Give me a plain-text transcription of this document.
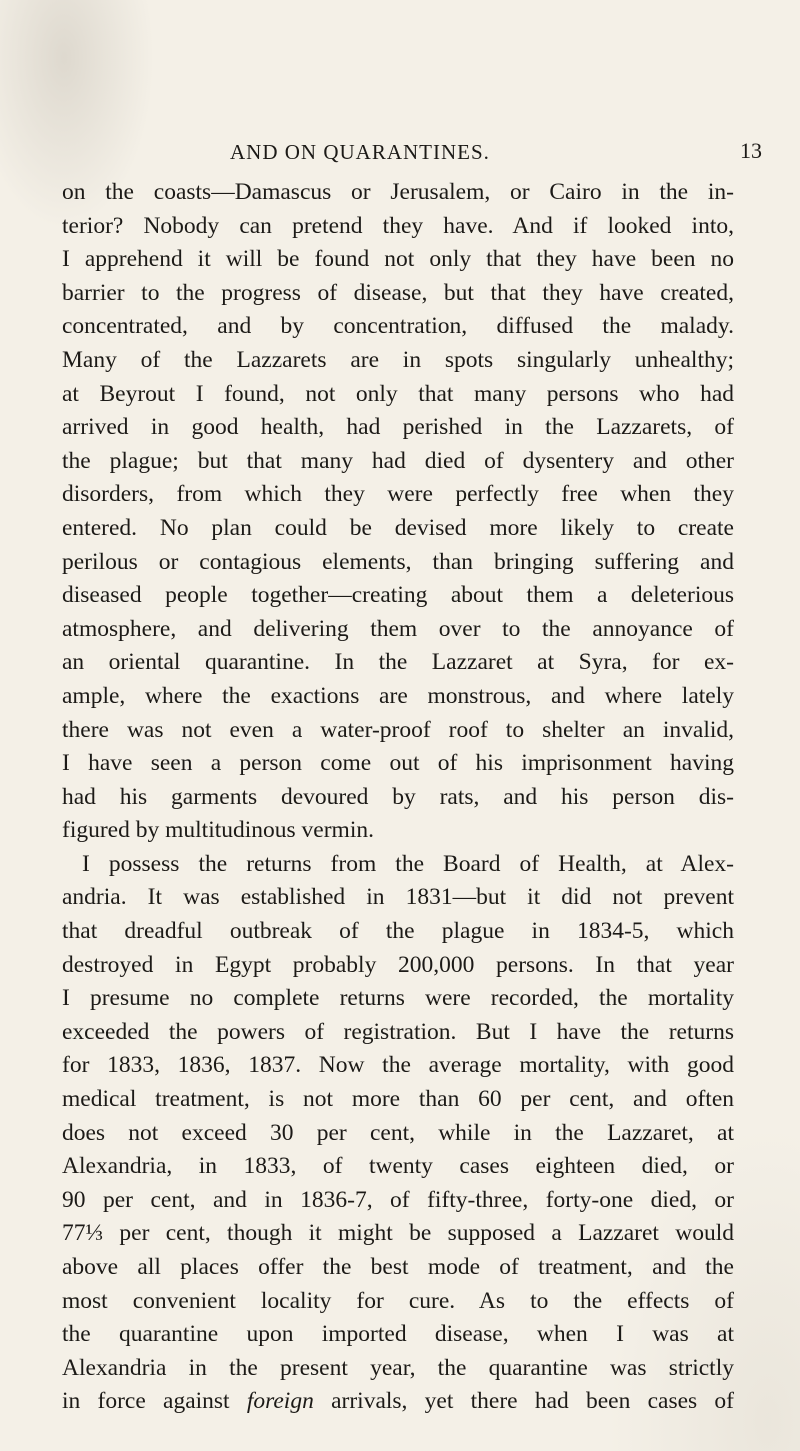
AND ON QUARANTINES.	13
on the coasts—Damascus or Jerusalem, or Cairo in the in-
terior? Nobody can pretend they have. And if looked into,
I apprehend it will be found not only that they have been no
barrier to the progress of disease, but that they have created,
concentrated, and by concentration, diffused the malady.
Many of the Lazzarets are in spots singularly unhealthy;
at Beyrout I found, not only that many persons who had
arrived in good health, had perished in the Lazzarets, of
the plague; but that many had died of dysentery and other
disorders, from which they were perfectly free when they
entered. No plan could be devised more likely to create
perilous or contagious elements, than bringing suffering and
diseased people together—creating about them a deleterious
atmosphere, and delivering them over to the annoyance of
an oriental quarantine. In the Lazzaret at Syra, for ex-
ample, where the exactions are monstrous, and where lately
there was not even a water-proof roof to shelter an invalid,
I have seen a person come out of his imprisonment having
had his garments devoured by rats, and his person dis-
figured by multitudinous vermin.
I possess the returns from the Board of Health, at Alex-
andria. It was established in 1831—but it did not prevent
that dreadful outbreak of the plague in 1834-5, which
destroyed in Egypt probably 200,000 persons. In that year
I presume no complete returns were recorded, the mortality
exceeded the powers of registration. But I have the returns
for 1833, 1836, 1837. Now the average mortality, with good
medical treatment, is not more than 60 per cent, and often
does not exceed 30 per cent, while in the Lazzaret, at
Alexandria, in 1833, of twenty cases eighteen died, or
90 per cent, and in 1836-7, of fifty-three, forty-one died, or
77⅓ per cent, though it might be supposed a Lazzaret would
above all places offer the best mode of treatment, and the
most convenient locality for cure. As to the effects of
the quarantine upon imported disease, when I was at
Alexandria in the present year, the quarantine was strictly
in force against foreign arrivals, yet there had been cases of
